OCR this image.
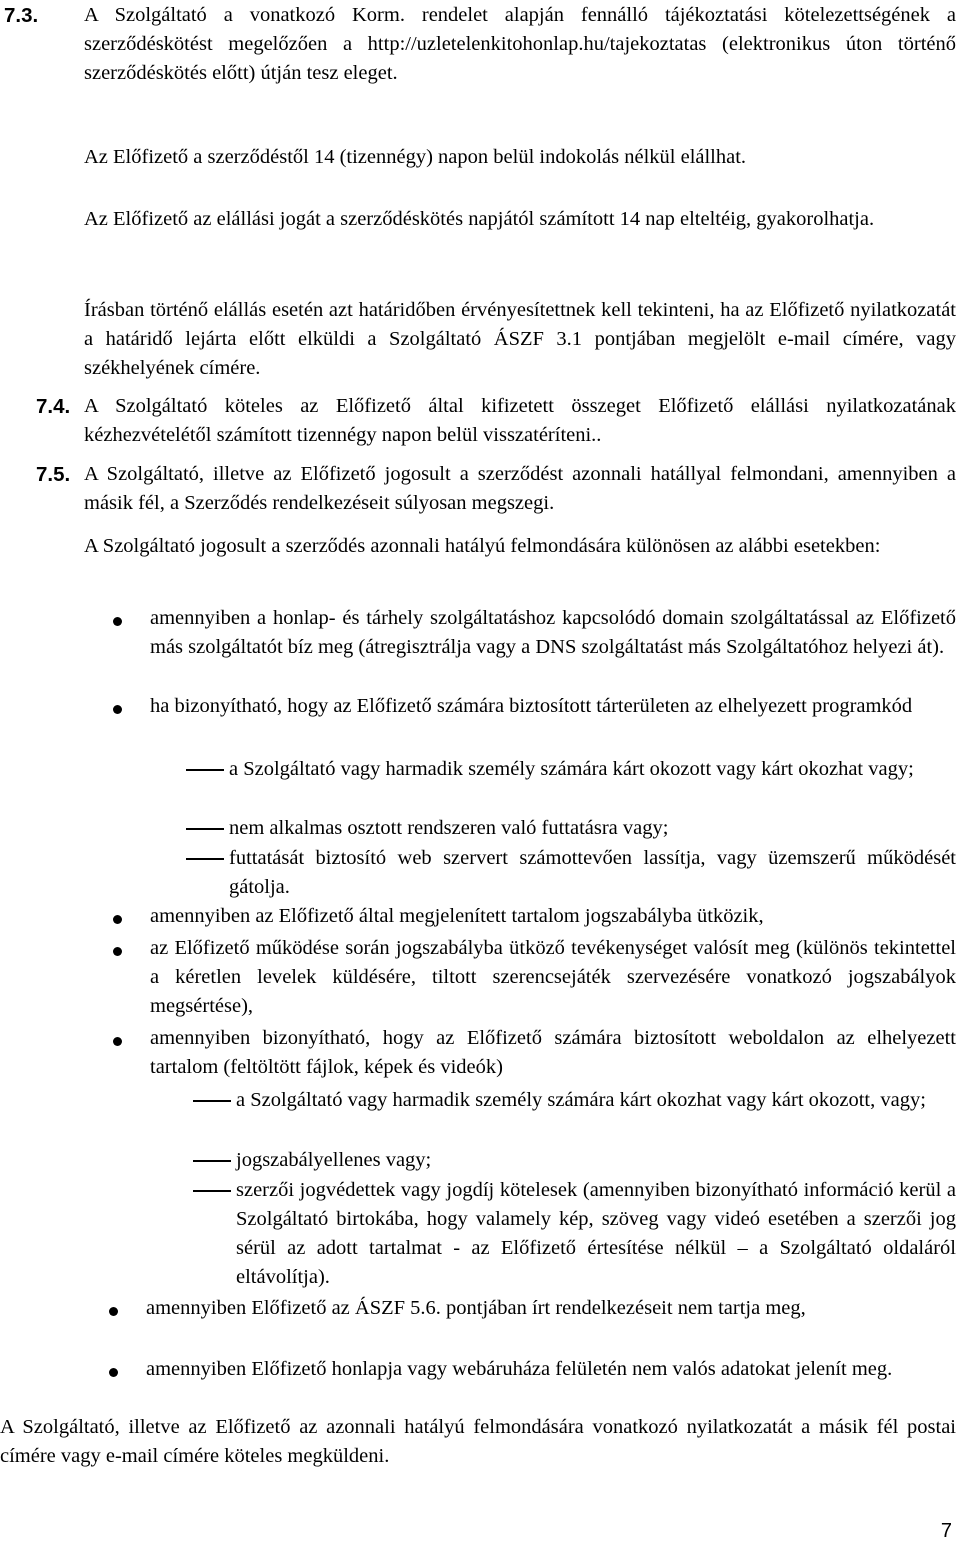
7.3. A Szolgáltató a vonatkozó Korm. rendelet alapján fennálló tájékoztatási kötelezettségének a szerződéskötést megelőzően a http://uzletelenkitohonlap.hu/tajekoztatas (elektronikus úton történő szerződéskötés előtt) útján tesz eleget.

Az Előfizető a szerződéstől 14 (tizennégy) napon belül indokolás nélkül elállhat.

Az Előfizető az elállási jogát a szerződéskötés napjától számított 14 nap elteltéig, gyakorolhatja.

Írásban történő elállás esetén azt határidőben érvényesítettnek kell tekinteni, ha az Előfizető nyilatkozatát a határidő lejárta előtt elküldi a Szolgáltató ÁSZF 3.1 pontjában megjelölt e-mail címére, vagy székhelyének címére.

7.4. A Szolgáltató köteles az Előfizető által kifizetett összeget Előfizető elállási nyilatkozatának kézhezvételétől számított tizennégy napon belül visszatéríteni..

7.5. A Szolgáltató, illetve az Előfizető jogosult a szerződést azonnali hatállyal felmondani, amennyiben a másik fél, a Szerződés rendelkezéseit súlyosan megszegi.

A Szolgáltató jogosult a szerződés azonnali hatályú felmondására különösen az alábbi esetekben:

amennyiben a honlap- és tárhely szolgáltatáshoz kapcsolódó domain szolgáltatással az Előfizető más szolgáltatót bíz meg (átregisztrálja vagy a DNS szolgáltatást más Szolgáltatóhoz helyezi át).

ha bizonyítható, hogy az Előfizető számára biztosított tárterületen az elhelyezett programkód

a Szolgáltató vagy harmadik személy számára kárt okozott vagy kárt okozhat vagy;

nem alkalmas osztott rendszeren való futtatásra vagy;

futtatását biztosító web szervert számottevően lassítja, vagy üzemszerű működését gátolja.

amennyiben az Előfizető által megjelenített tartalom jogszabályba ütközik,

az Előfizető működése során jogszabályba ütköző tevékenységet valósít meg (különös tekintettel a kéretlen levelek küldésére, tiltott szerencsejáték szervezésére vonatkozó jogszabályok megsértése),

amennyiben bizonyítható, hogy az Előfizető számára biztosított weboldalon az elhelyezett tartalom (feltöltött fájlok, képek és videók)

a Szolgáltató vagy harmadik személy számára kárt okozhat vagy kárt okozott, vagy;

jogszabályellenes vagy;

szerzői jogvédettek vagy jogdíj kötelesek (amennyiben bizonyítható információ kerül a Szolgáltató birtokába, hogy valamely kép, szöveg vagy videó esetében a szerzői jog sérül az adott tartalmat - az Előfizető értesítése nélkül – a Szolgáltató oldaláról eltávolítja).

amennyiben Előfizető az ÁSZF 5.6. pontjában írt rendelkezéseit nem tartja meg,

amennyiben Előfizető honlapja vagy webáruháza felületén nem valós adatokat jelenít meg.

A Szolgáltató, illetve az Előfizető az azonnali hatályú felmondására vonatkozó nyilatkozatát a másik fél postai címére vagy e-mail címére köteles megküldeni.

7
